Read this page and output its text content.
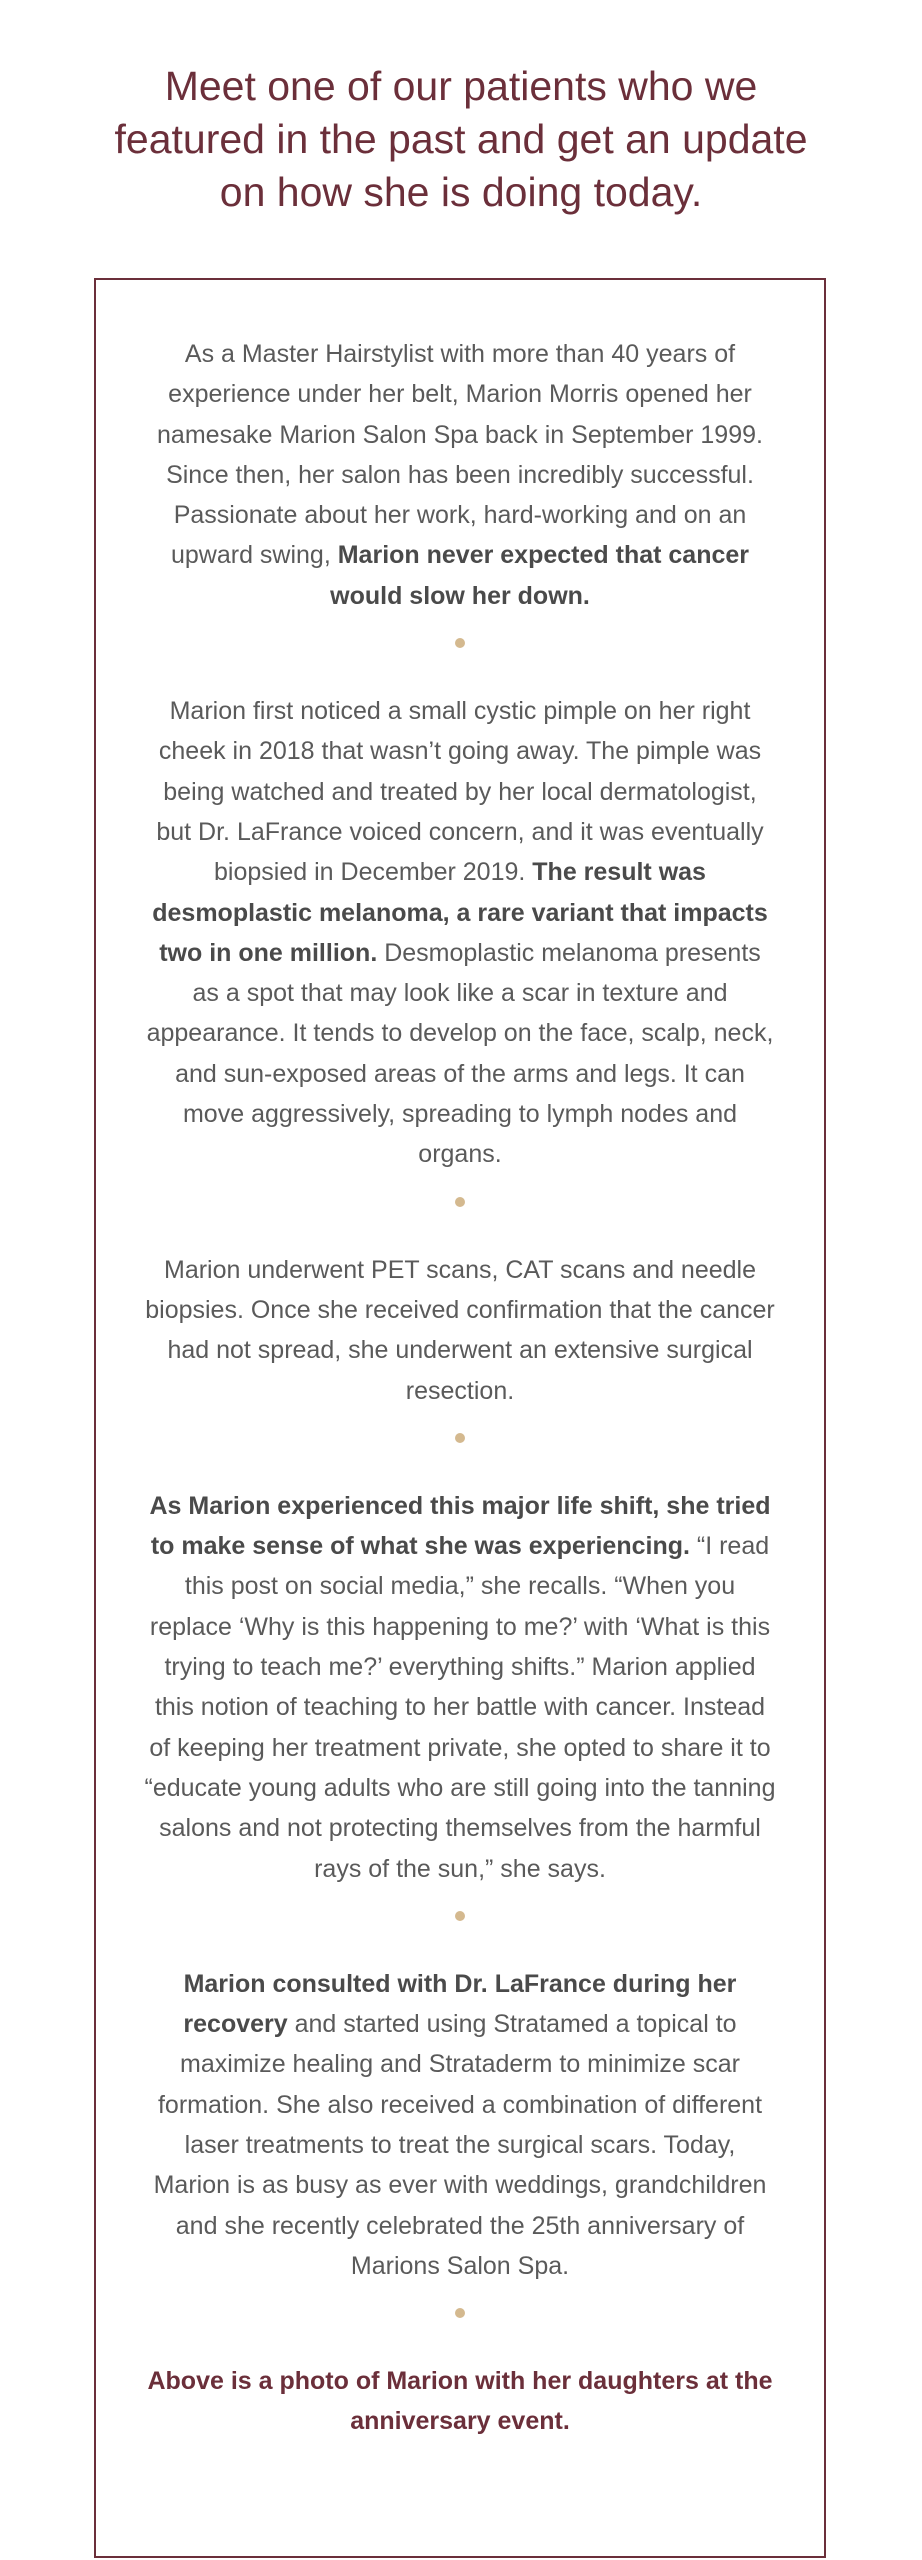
Meet one of our patients who we featured in the past and get an update on how she is doing today.

As a Master Hairstylist with more than 40 years of experience under her belt, Marion Morris opened her namesake Marion Salon Spa back in September 1999. Since then, her salon has been incredibly successful. Passionate about her work, hard-working and on an upward swing, Marion never expected that cancer would slow her down.

Marion first noticed a small cystic pimple on her right cheek in 2018 that wasn’t going away. The pimple was being watched and treated by her local dermatologist, but Dr. LaFrance voiced concern, and it was eventually biopsied in December 2019. The result was desmoplastic melanoma, a rare variant that impacts two in one million. Desmoplastic melanoma presents as a spot that may look like a scar in texture and appearance. It tends to develop on the face, scalp, neck, and sun-exposed areas of the arms and legs. It can move aggressively, spreading to lymph nodes and organs.

Marion underwent PET scans, CAT scans and needle biopsies. Once she received confirmation that the cancer had not spread, she underwent an extensive surgical resection.

As Marion experienced this major life shift, she tried to make sense of what she was experiencing. “I read this post on social media,” she recalls. “When you replace ‘Why is this happening to me?’ with ‘What is this trying to teach me?’ everything shifts.” Marion applied this notion of teaching to her battle with cancer. Instead of keeping her treatment private, she opted to share it to “educate young adults who are still going into the tanning salons and not protecting themselves from the harmful rays of the sun,” she says.

Marion consulted with Dr. LaFrance during her recovery and started using Stratamed a topical to maximize healing and Strataderm to minimize scar formation. She also received a combination of different laser treatments to treat the surgical scars. Today, Marion is as busy as ever with weddings, grandchildren and she recently celebrated the 25th anniversary of Marions Salon Spa.

Above is a photo of Marion with her daughters at the anniversary event.
